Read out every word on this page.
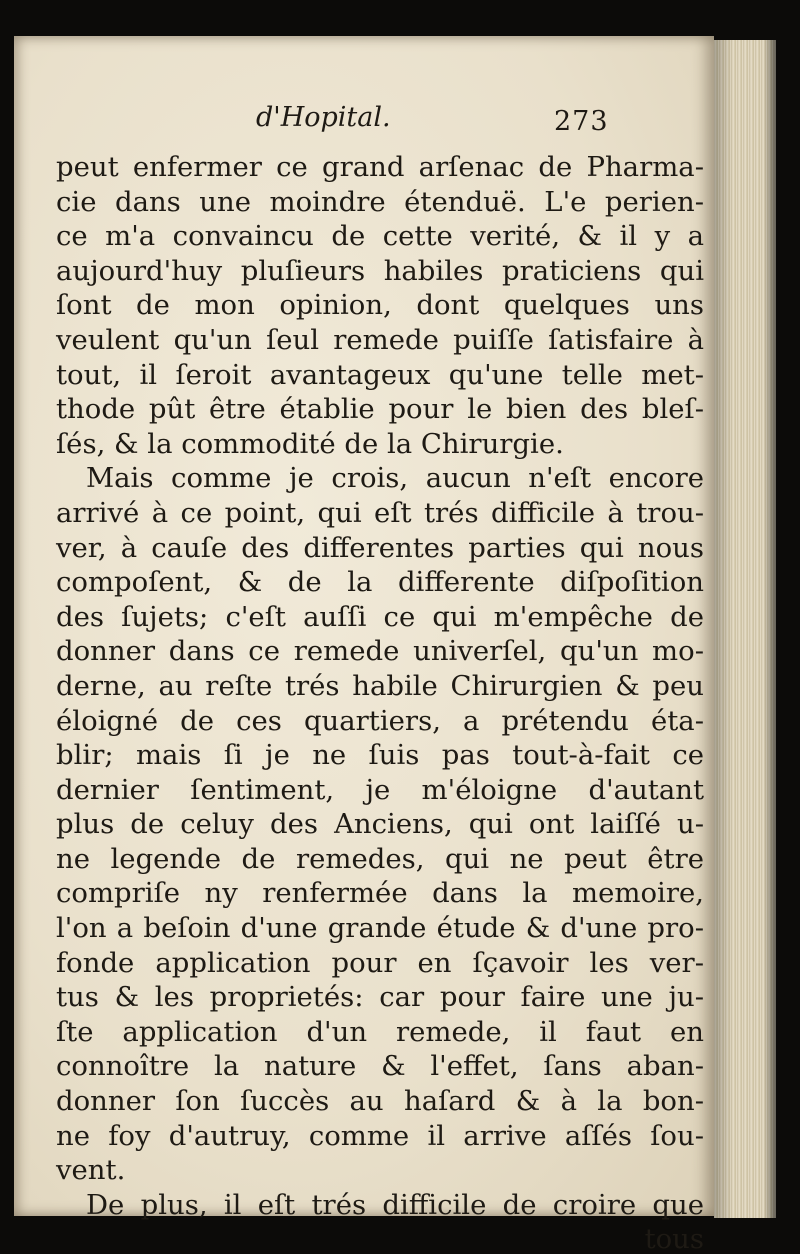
d'Hopital.	273
peut enfermer ce grand arſenac de Pharma-
cie dans une moindre étenduë. L'e perien-
ce m'a convaincu de cette verité, & il y a
aujourd'huy pluſieurs habiles praticiens qui
ſont de mon opinion, dont quelques uns
veulent qu'un ſeul remede puiſſe ſatisfaire à
tout, il ſeroit avantageux qu'une telle met-
thode pût être établie pour le bien des bleſ-
ſés, & la commodité de la Chirurgie.
Mais comme je crois, aucun n'eſt encore
arrivé à ce point, qui eſt trés difficile à trou-
ver, à cauſe des differentes parties qui nous
compoſent, & de la differente diſpoſition
des ſujets; c'eſt auſſi ce qui m'empêche de
donner dans ce remede univerſel, qu'un mo-
derne, au reſte trés habile Chirurgien & peu
éloigné de ces quartiers, a prétendu éta-
blir; mais ſi je ne ſuis pas tout-à-fait ce
dernier ſentiment, je m'éloigne d'autant
plus de celuy des Anciens, qui ont laiſſé u-
ne legende de remedes, qui ne peut être
compriſe ny renfermée dans la memoire,
l'on a beſoin d'une grande étude & d'une pro-
fonde application pour en ſçavoir les ver-
tus & les proprietés: car pour faire une ju-
ſte application d'un remede, il faut en
connoître la nature & l'effet, ſans aban-
donner ſon ſuccès au haſard & à la bon-
ne foy d'autruy, comme il arrive aſſés ſou-
vent.
De plus, il eſt trés difficile de croire que
tous
